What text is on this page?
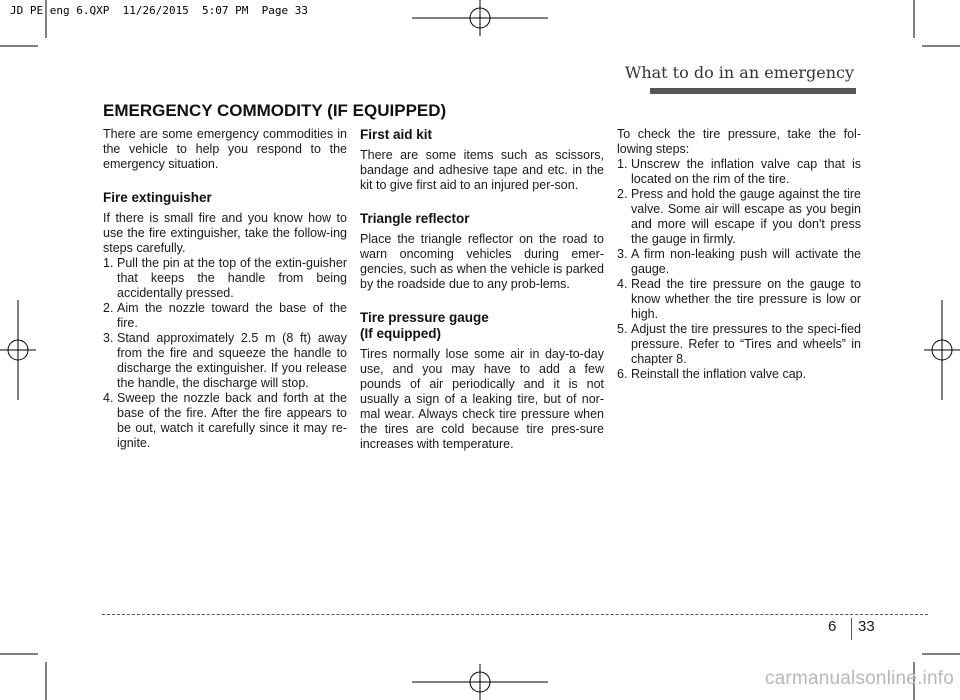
JD PE eng 6.QXP  11/26/2015  5:07 PM  Page 33

What to do in an emergency
EMERGENCY COMMODITY (IF EQUIPPED)

There are some emergency commodities in the vehicle to help you respond to the emergency situation.

Fire extinguisher

If there is small fire and you know how to use the fire extinguisher, take the follow-ing steps carefully.

1. Pull the pin at the top of the extin-guisher that keeps the handle from being accidentally pressed.
2. Aim the nozzle toward the base of the fire.
3. Stand approximately 2.5 m (8 ft) away from the fire and squeeze the handle to discharge the extinguisher. If you release the handle, the discharge will stop.
4. Sweep the nozzle back and forth at the base of the fire. After the fire appears to be out, watch it carefully since it may re-ignite.
First aid kit

There are some items such as scissors, bandage and adhesive tape and etc. in the kit to give first aid to an injured per-son.

Triangle reflector

Place the triangle reflector on the road to warn oncoming vehicles during emer-gencies, such as when the vehicle is parked by the roadside due to any prob-lems.

Tire pressure gauge
(If equipped)

Tires normally lose some air in day-to-day use, and you may have to add a few pounds of air periodically and it is not usually a sign of a leaking tire, but of nor-mal wear. Always check tire pressure when the tires are cold because tire pres-sure increases with temperature.

To check the tire pressure, take the fol-lowing steps:

1. Unscrew the inflation valve cap that is located on the rim of the tire.
2. Press and hold the gauge against the tire valve. Some air will escape as you begin and more will escape if you don't press the gauge in firmly.
3. A firm non-leaking push will activate the gauge.
4. Read the tire pressure on the gauge to know whether the tire pressure is low or high.
5. Adjust the tire pressures to the speci-fied pressure. Refer to “Tires and wheels” in chapter 8.
6. Reinstall the inflation valve cap.

6 33

carmanualsonline.info
